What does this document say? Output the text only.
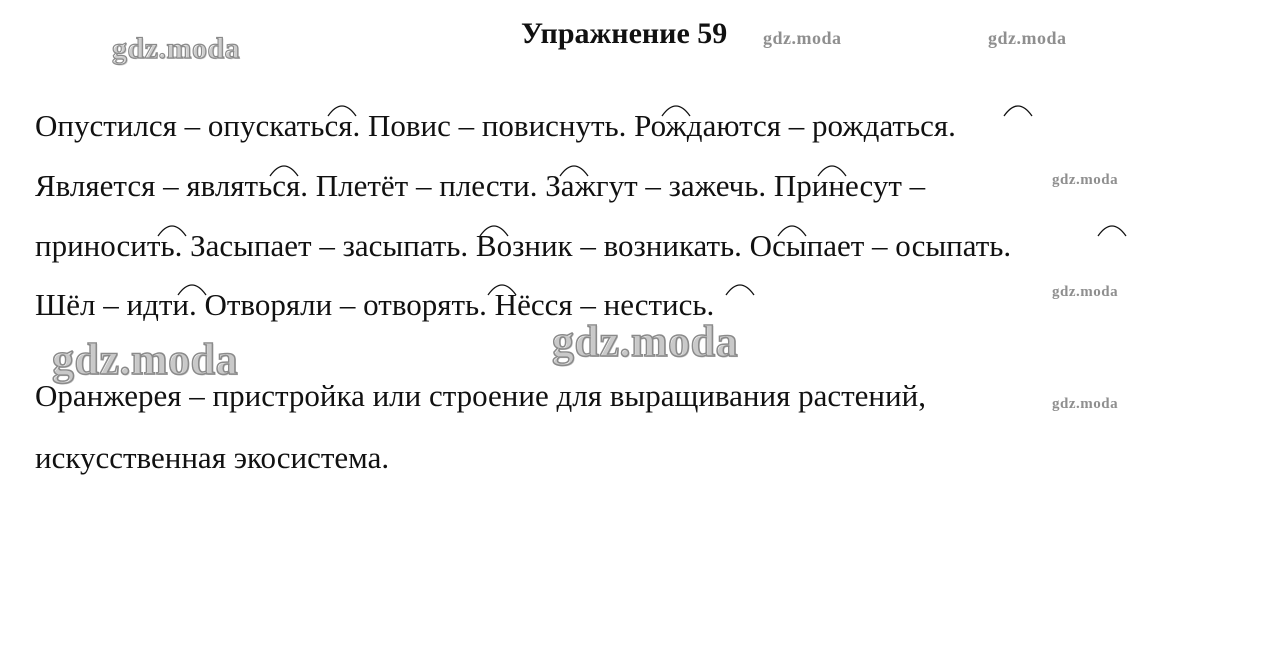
Упражнение 59
Опустился – опускаться. Повис – повиснуть. Рождаются – рождаться.
Является – являться. Плетёт – плести. Зажгут – зажечь. Принесут –
приносить. Засыпает – засыпать. Возник – возникать. Осыпает – осыпать.
Шёл – идти. Отворяли – отворять. Нёсся – нестись.
Оранжерея – пристройка или строение для выращивания растений,
искусственная экосистема.
gdz.moda	gdz.moda	gdz.moda
gdz.moda
gdz.moda
gdz.moda
gdz.moda
gdz.moda
